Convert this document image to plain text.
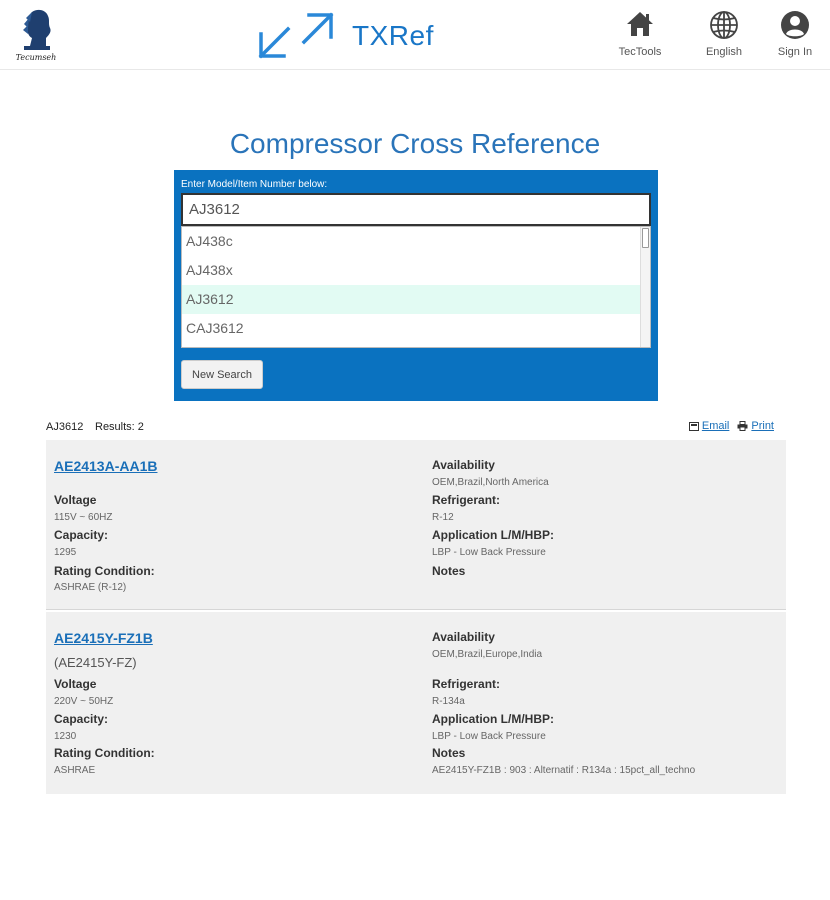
Tecumseh
TXRef
TecTools	English	Sign In
Compressor Cross Reference
Enter Model/Item Number below:
AJ3612
AJ438c
AJ438x
AJ3612
CAJ3612
New Search
AJ3612 Results: 2	Email Print
AE2413A-AA1B
Voltage
115V ~ 60HZ
Capacity:
1295
Rating Condition:
ASHRAE (R-12)
Availability
OEM,Brazil,North America
Refrigerant:
R-12
Application L/M/HBP:
LBP - Low Back Pressure
Notes
AE2415Y-FZ1B
(AE2415Y-FZ)
Voltage
220V ~ 50HZ
Capacity:
1230
Rating Condition:
ASHRAE
Availability
OEM,Brazil,Europe,India
Refrigerant:
R-134a
Application L/M/HBP:
LBP - Low Back Pressure
Notes
AE2415Y-FZ1B : 903 : Alternatif : R134a : 15pct_all_techno
